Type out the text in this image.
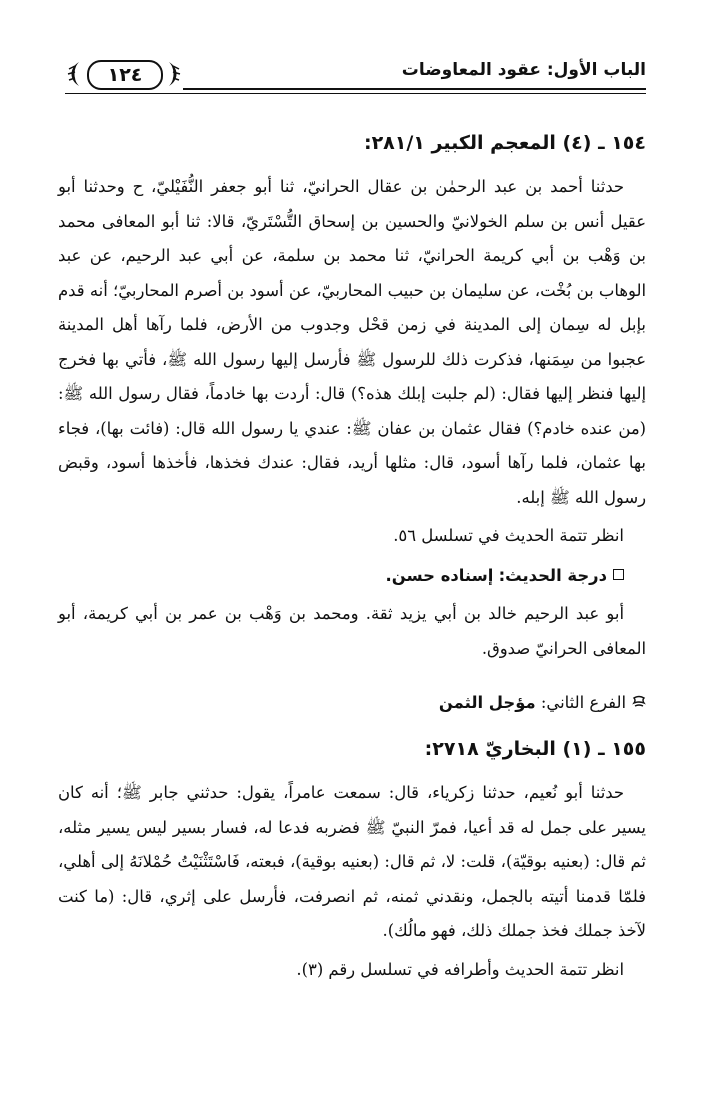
الباب الأول: عقود المعاوضات
١٢٤
١٥٤ ـ (٤) المعجم الكبير ٢٨١/١:

حدثنا أحمد بن عبد الرحمٰن بن عقال الحرانيّ، ثنا أبو جعفر النُّفَيْليّ، ح وحدثنا أبو عقيل أنس بن سلم الخولانيّ والحسين بن إسحاق التُّسْتَريّ، قالا: ثنا أبو المعافى محمد بن وَهْب بن أبي كريمة الحرانيّ، ثنا محمد بن سلمة، عن أبي عبد الرحيم، عن عبد الوهاب بن بُخْت، عن سليمان بن حبيب المحاربيّ، عن أسود بن أصرم المحاربيّ؛ أنه قدم بإبل له سِمان إلى المدينة في زمن قحْل وجدوب من الأرض، فلما رآها أهل المدينة عجبوا من سِمَنها، فذكرت ذلك للرسول ﷺ فأرسل إليها رسول الله ﷺ، فأتي بها فخرج إليها فنظر إليها فقال: (لم جلبت إبلك هذه؟) قال: أردت بها خادماً، فقال رسول الله ﷺ: (من عنده خادم؟) فقال عثمان بن عفان ﷺ: عندي يا رسول الله قال: (فائت بها)، فجاء بها عثمان، فلما رآها أسود، قال: مثلها أريد، فقال: عندك فخذها، فأخذها أسود، وقبض رسول الله ﷺ إبله.

انظر تتمة الحديث في تسلسل ٥٦.

درجة الحديث: إسناده حسن.

أبو عبد الرحيم خالد بن أبي يزيد ثقة. ومحمد بن وَهْب بن عمر بن أبي كريمة، أبو المعافى الحرانيّ صدوق.

الفرع الثاني: مؤجل الثمن
١٥٥ ـ (١) البخاريّ ٢٧١٨:

حدثنا أبو نُعيم، حدثنا زكرياء، قال: سمعت عامراً، يقول: حدثني جابر ﷺ؛ أنه كان يسير على جمل له قد أعيا، فمرّ النبيّ ﷺ فضربه فدعا له، فسار بسير ليس يسير مثله، ثم قال: (بعنيه بوقيّة)، قلت: لا، ثم قال: (بعنيه بوقية)، فبعته، فَاسْتَثْنَيْتُ حُمْلانَهُ إلى أهلي، فلمّا قدمنا أتيته بالجمل، ونقدني ثمنه، ثم انصرفت، فأرسل على إثري، قال: (ما كنت لآخذ جملك فخذ جملك ذلك، فهو مالُك).

انظر تتمة الحديث وأطرافه في تسلسل رقم (٣).
